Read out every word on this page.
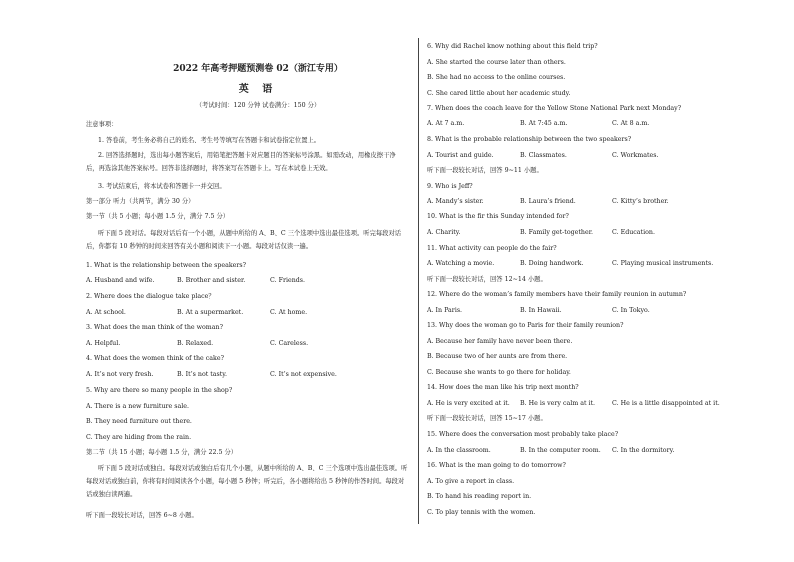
2022 年高考押题预测卷 02（浙江专用）
英 语
（考试时间：120 分钟 试卷满分：150 分）
注意事项：
1. 答卷前，考生务必将自己的姓名、考生号等填写在答题卡和试卷指定位置上。
2. 回答选择题时，选出每小题答案后，用铅笔把答题卡对应题目的答案标号涂黑。如需改动，用橡皮擦干净后，再选涂其他答案标号。回答非选择题时，将答案写在答题卡上。写在本试卷上无效。
3. 考试结束后，将本试卷和答题卡一并交回。
第一部分 听力（共两节，满分 30 分）
第一节（共 5 小题；每小题 1.5 分，满分 7.5 分）
听下面 5 段对话。每段对话后有一个小题，从题中所给的 A、B、C 三个选项中选出最佳选项。听完每段对话后，你都有 10 秒钟的时间来回答有关小题和阅读下一小题。每段对话仅读一遍。
1. What is the relationship between the speakers?
A. Husband and wife.	B. Brother and sister.	C. Friends.
2. Where does the dialogue take place？
A. At school.	B. At a supermarket.	C. At home.
3. What does the man think of the woman?
A. Helpful.	B. Relaxed.	C. Careless.
4. What does the women think of the cake?
A. It’s not very fresh.	B. It’s not tasty.	C. It’s not expensive.
5. Why are there so many people in the shop?
A. There is a new furniture sale.
B. They need furniture out there.
C. They are hiding from the rain.
第二节（共 15 小题；每小题 1.5 分，满分 22.5 分）
听下面 5 段对话或独白。每段对话或独白后有几个小题，从题中所给的 A、B、C 三个选项中选出最佳选项。听每段对话或独白前，你将有时间阅读各个小题，每小题 5 秒钟；听完后，各小题将给出 5 秒钟的作答时间。每段对话或独白读两遍。
听下面一段较长对话，回答 6~8 小题。
6. Why did Rachel know nothing about this field trip?
A. She started the course later than others.
B. She had no access to the online courses.
C. She cared little about her academic study.
7. When does the coach leave for the Yellow Stone National Park next Monday?
A. At 7 a.m.	B. At 7:45 a.m.	C. At 8 a.m.
8. What is the probable relationship between the two speakers?
A. Tourist and guide.	B. Classmates.	C. Workmates.
听下面一段较长对话，回答 9~11 小题。
9. Who is Jeff?
A. Mandy’s sister.	B. Laura’s friend.	C. Kitty’s brother.
10. What is the fir this Sunday intended for?
A. Charity.	B. Family get-together.	C. Education.
11. What activity can people do the fair?
A. Watching a movie.	B. Doing handwork.	C. Playing musical instruments.
听下面一段较长对话，回答 12~14 小题。
12. Where do the woman’s family members have their family reunion in autumn?
A. In Paris.	B. In Hawaii.	C. In Tokyo.
13. Why does the woman go to Paris for their family reunion?
A. Because her family have never been there.
B. Because two of her aunts are from there.
C. Because she wants to go there for holiday.
14. How does the man like his trip next month?
A. He is very excited at it. B. He is very calm at it.	C. He is a little disappointed at it.
听下面一段较长对话，回答 15~17 小题。
15. Where does the conversation most probably take place?
A. In the classroom.	B. In the computer room. C. In the dormitory.
16. What is the man going to do tomorrow?
A. To give a report in class.
B. To hand his reading report in.
C. To play tennis with the women.
